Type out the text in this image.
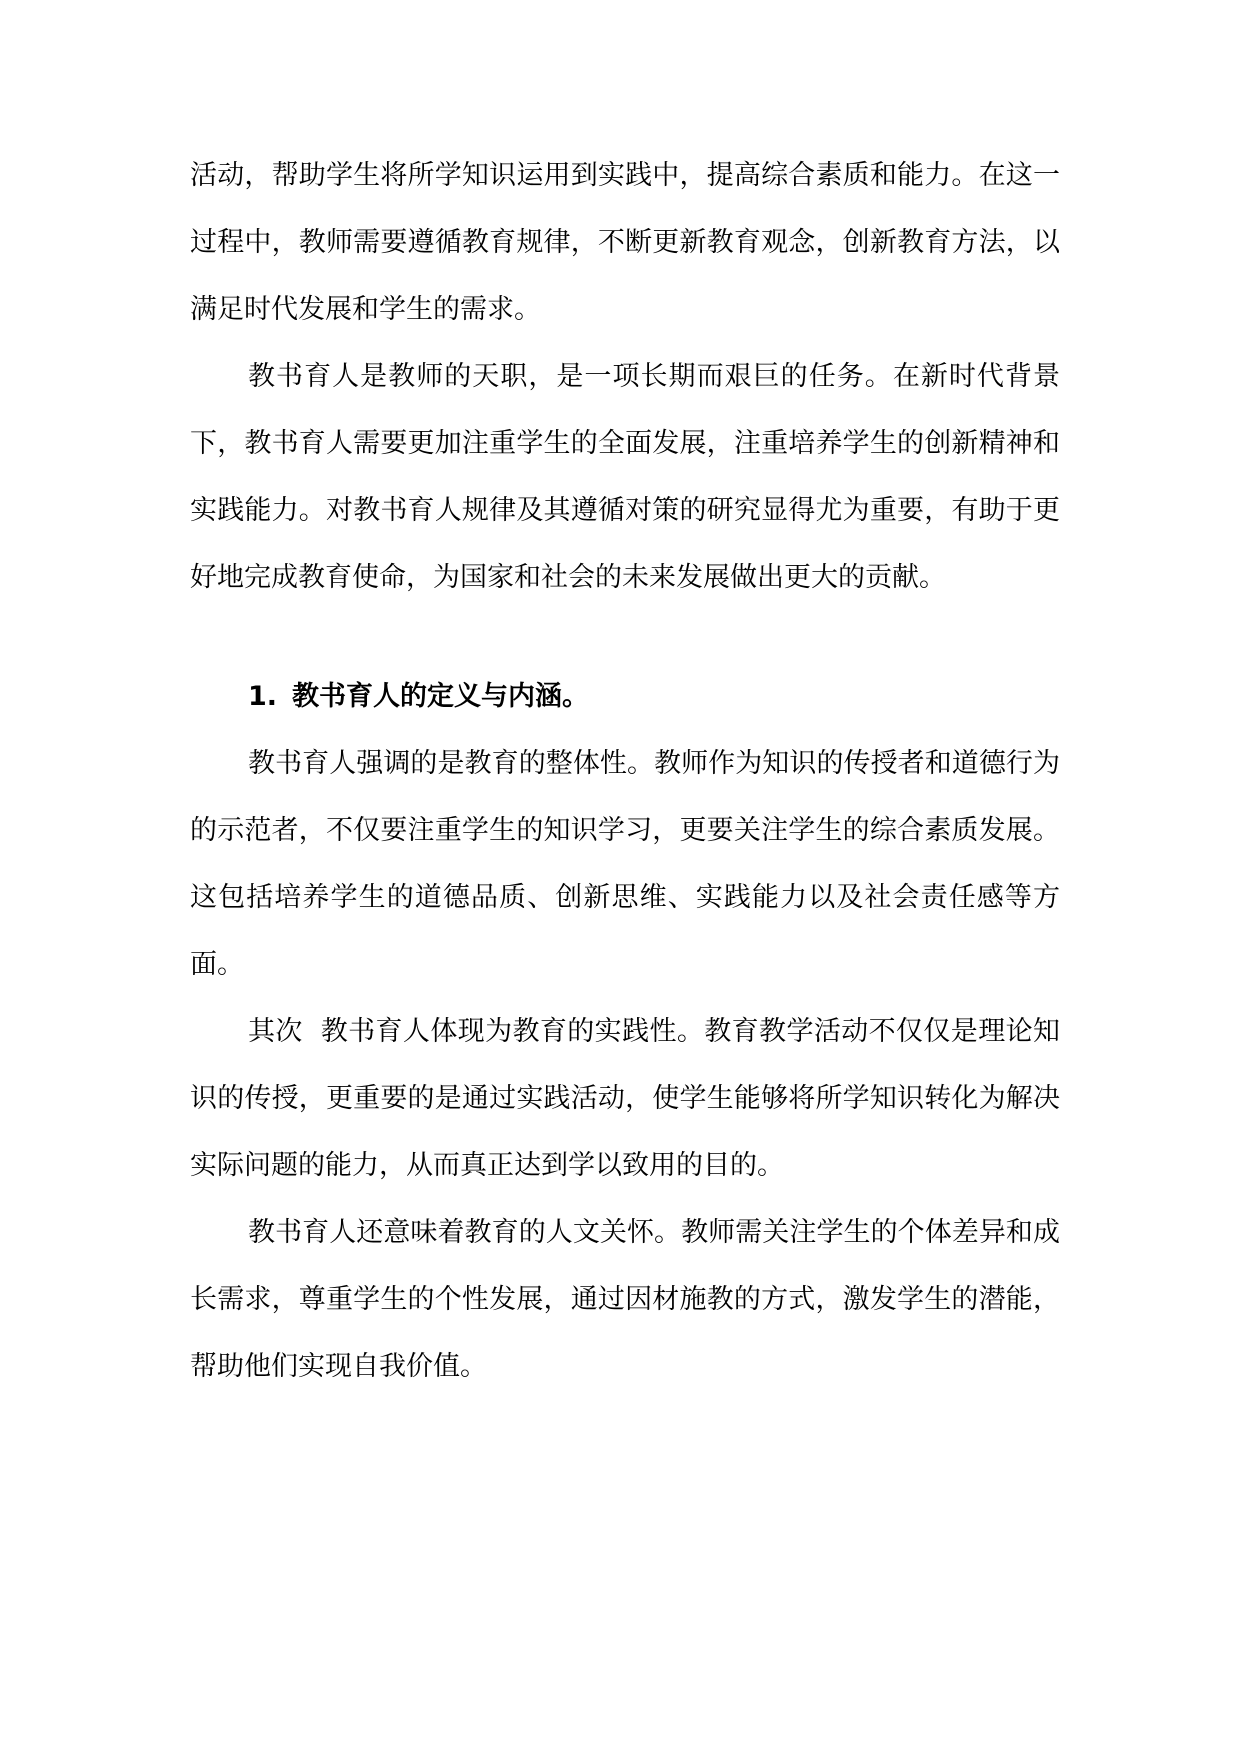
活动，帮助学生将所学知识运用到实践中，提高综合素质和能力。在这一过程中，教师需要遵循教育规律，不断更新教育观念，创新教育方法，以满足时代发展和学生的需求。

教书育人是教师的天职，是一项长期而艰巨的任务。在新时代背景下，教书育人需要更加注重学生的全面发展，注重培养学生的创新精神和实践能力。对教书育人规律及其遵循对策的研究显得尤为重要，有助于更好地完成教育使命，为国家和社会的未来发展做出更大的贡献。

1. 教书育人的定义与内涵。

教书育人强调的是教育的整体性。教师作为知识的传授者和道德行为的示范者，不仅要注重学生的知识学习，更要关注学生的综合素质发展。这包括培养学生的道德品质、创新思维、实践能力以及社会责任感等方面。

其次  教书育人体现为教育的实践性。教育教学活动不仅仅是理论知识的传授，更重要的是通过实践活动，使学生能够将所学知识转化为解决实际问题的能力，从而真正达到学以致用的目的。

教书育人还意味着教育的人文关怀。教师需关注学生的个体差异和成长需求，尊重学生的个性发展，通过因材施教的方式，激发学生的潜能，帮助他们实现自我价值。
